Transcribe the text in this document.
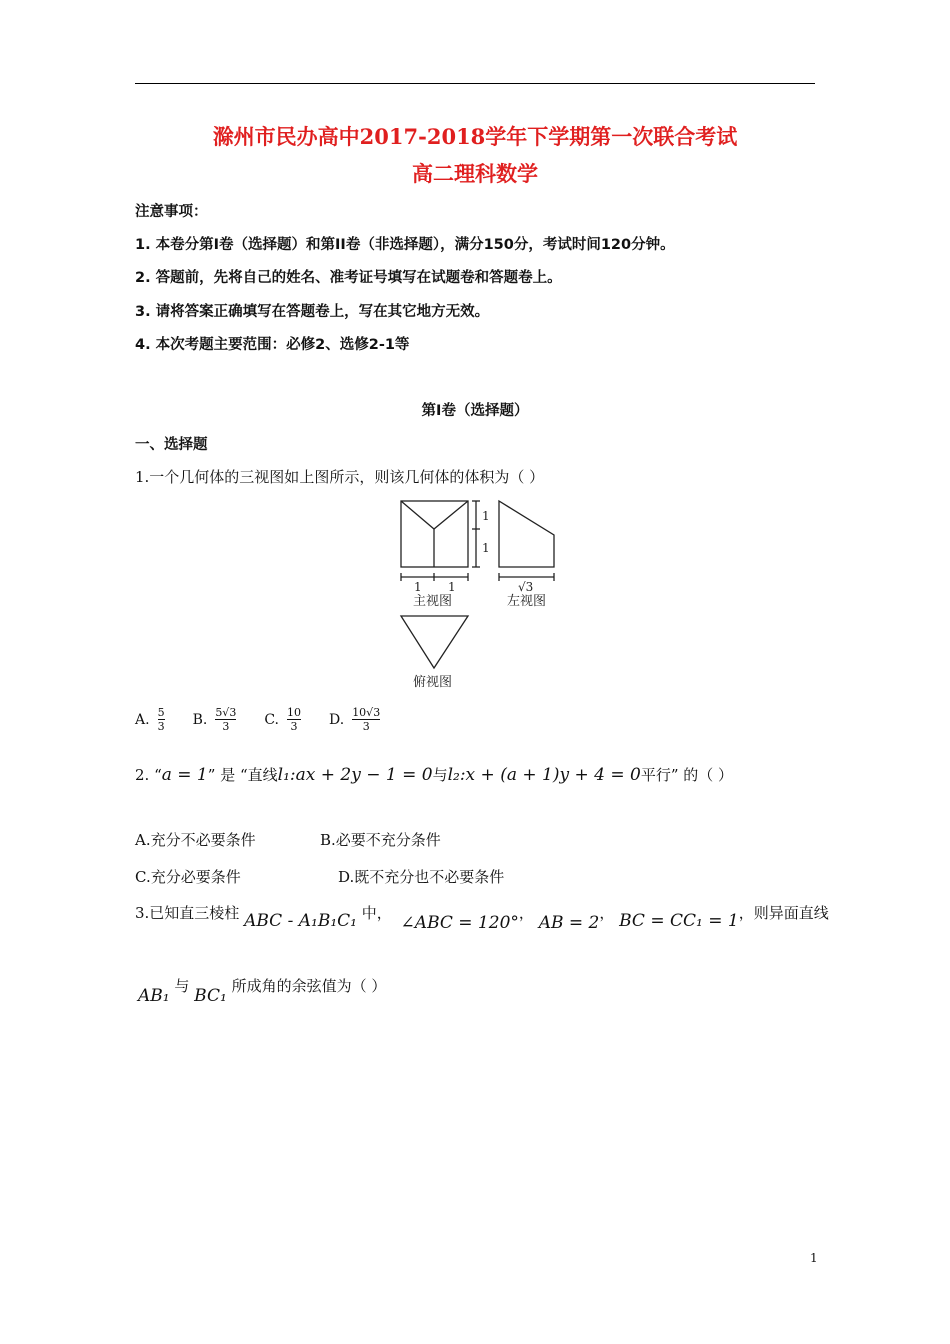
滁州市民办高中2017-2018学年下学期第一次联合考试
高二理科数学
注意事项：
1. 本卷分第I卷（选择题）和第II卷（非选择题），满分150分，考试时间120分钟。
2. 答题前，先将自己的姓名、准考证号填写在试题卷和答题卷上。
3. 请将答案正确填写在答题卷上，写在其它地方无效。
4. 本次考题主要范围：必修2、选修2-1等
第I卷（选择题）
一、选择题
1.一个几何体的三视图如上图所示，则该几何体的体积为（ ）
1
1
1 1	√3
主视图	左视图
俯视图
A. $\frac{5}{3} B$. $\frac{5√3}{3} C$. $\frac{10}{3} D$. $\frac{10√3}{3}$
2. “a = 1” 是 “直线l₁:ax + 2y − 1 = 0与l₂:x + (a + 1)y + 4 = 0平行” 的（ ）
A.充分不必要条件	B.必要不充分条件
C.充分必要条件	D.既不充分也不必要条件
3.已知直三棱柱 ABC - A₁B₁C₁ 中， ∠ABC = 120°， AB = 2， BC = CC₁ = 1，则异面直线
AB₁ 与 BC₁ 所成角的余弦值为（ ）
1
